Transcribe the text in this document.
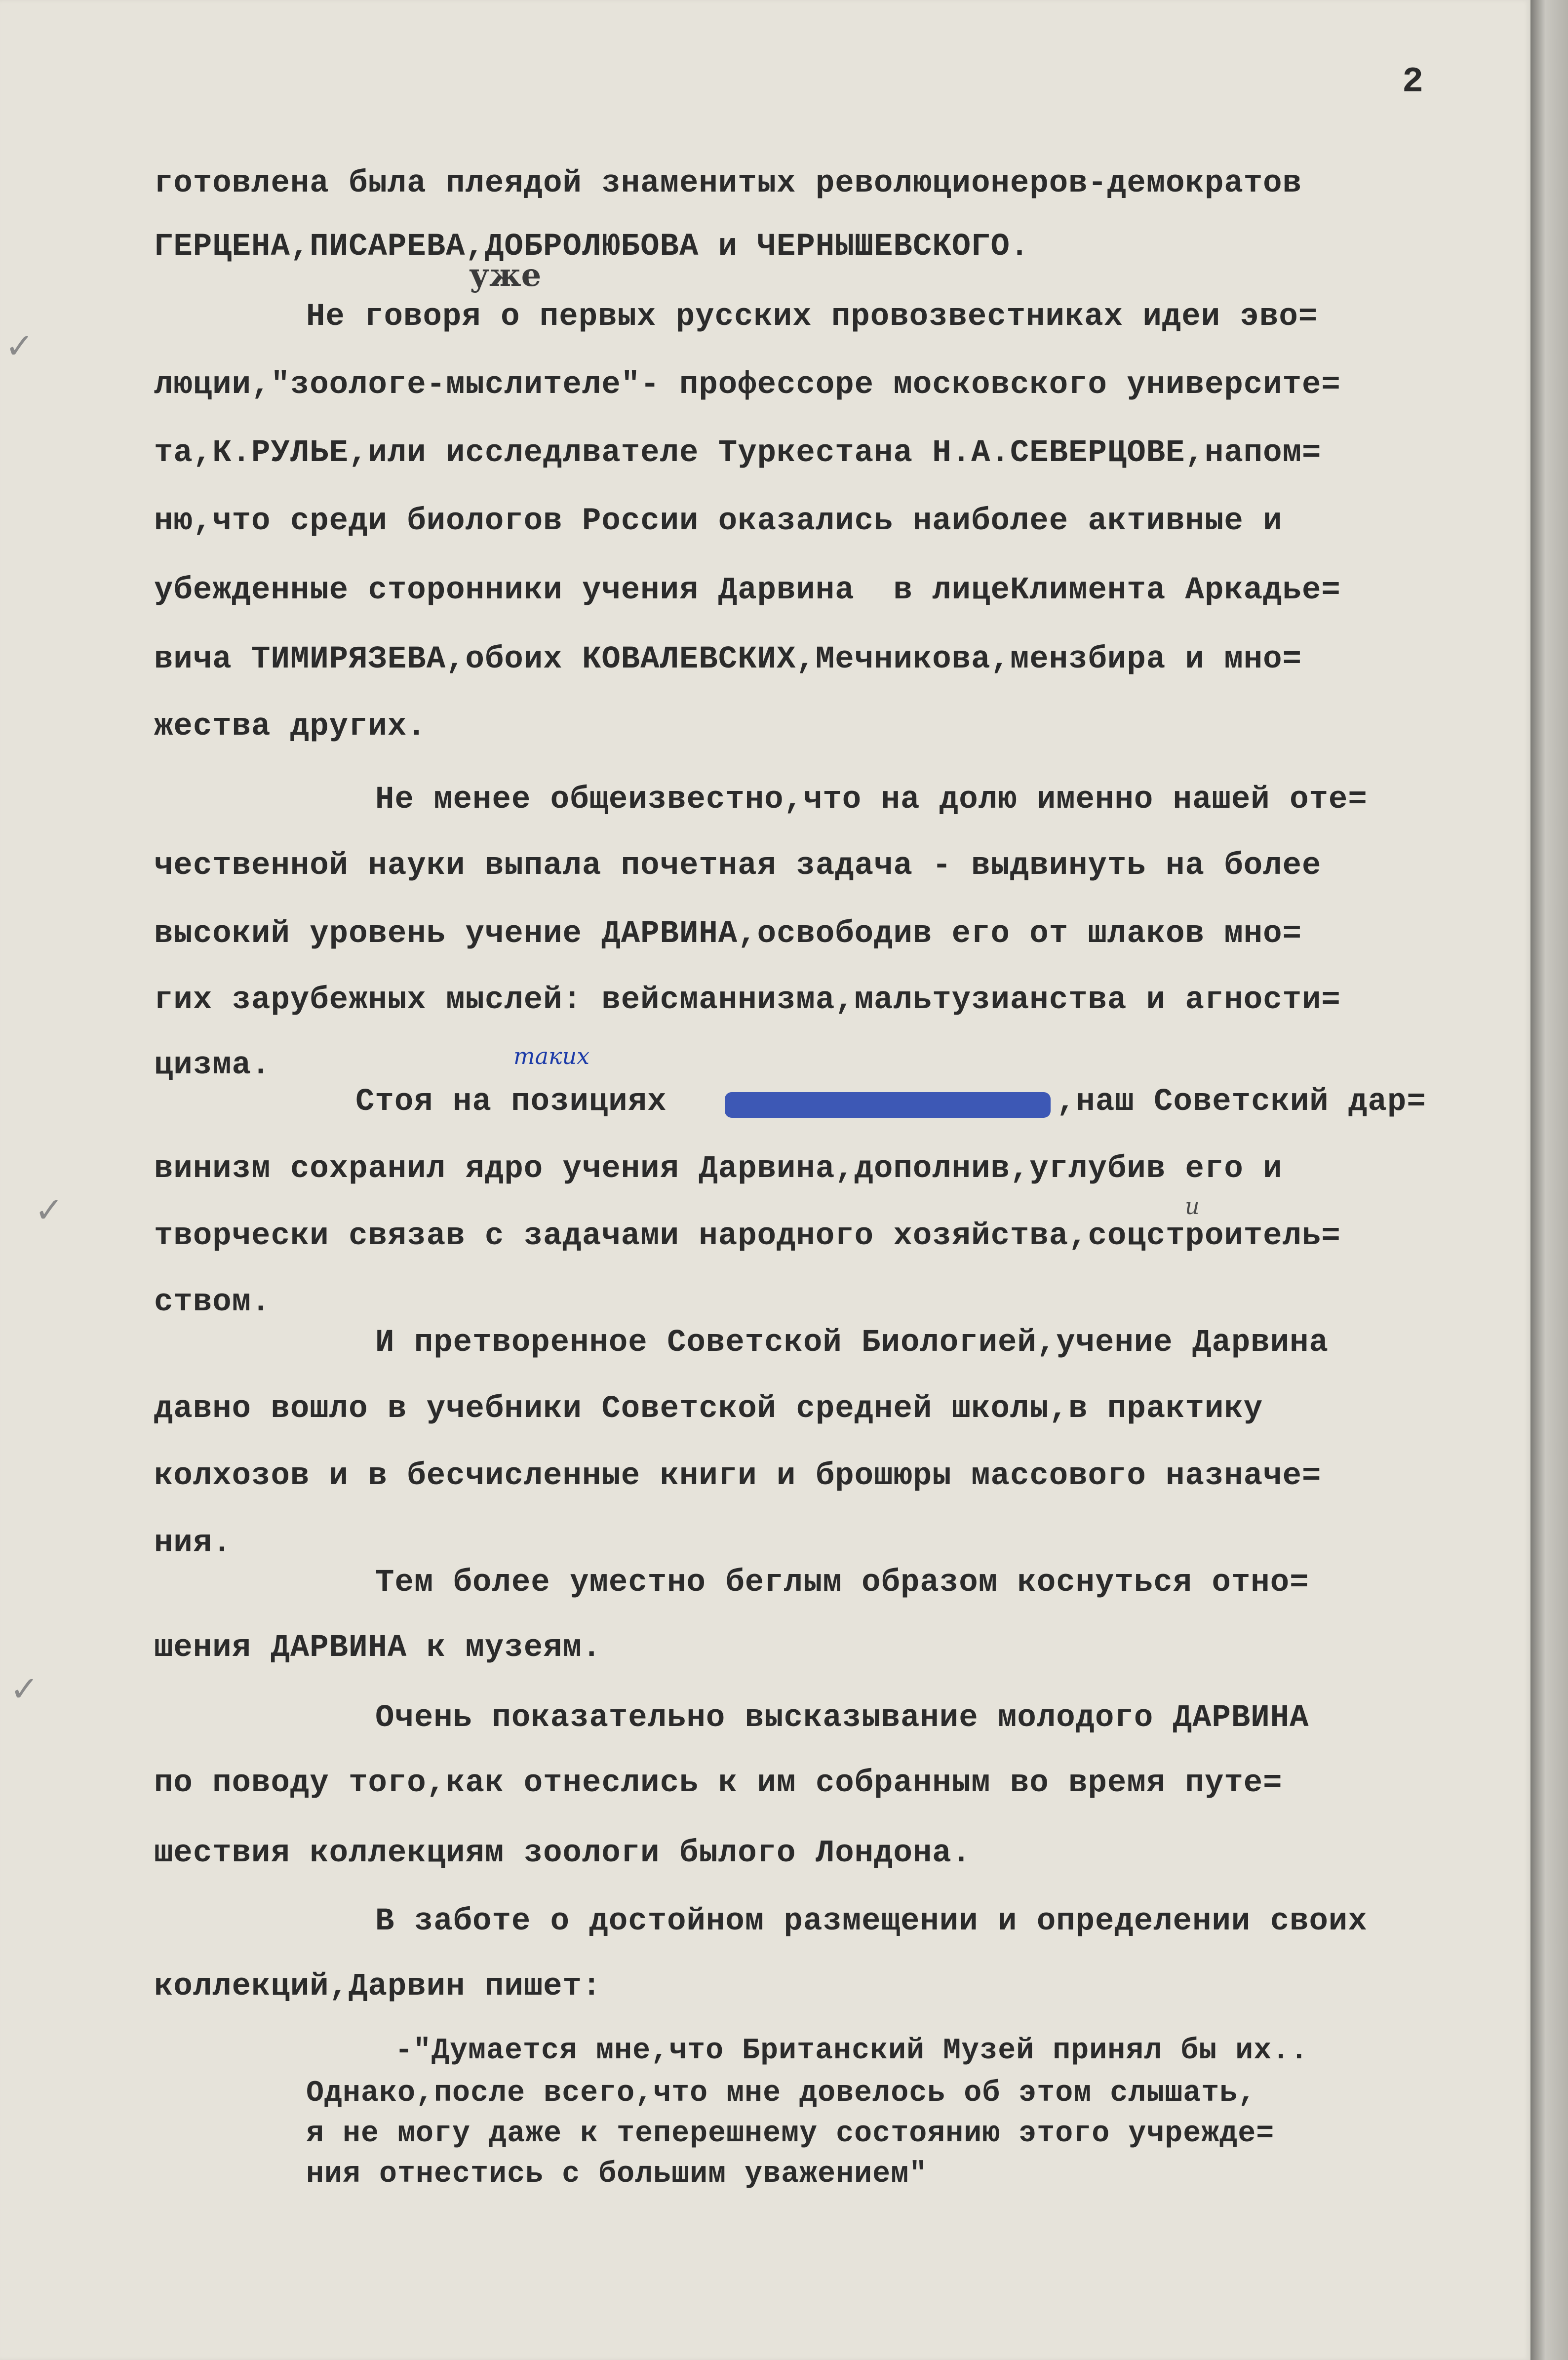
2
готовлена была плеядой знаменитых революционеров-демократов
ГЕРЦЕНА,ПИСАРЕВА,ДОБРОЛЮБОВА и ЧЕРНЫШЕВСКОГО.
уже
Не говоря о первых русских провозвестниках идеи эво=
люции,"зоологе-мыслителе"- профессоре московского университе=
та,К.РУЛЬЕ,или исследлвателе Туркестана Н.А.СЕВЕРЦОВЕ,напом=
ню,что среди биологов России оказались наиболее активные и
убежденные сторонники учения Дарвина  в лицеКлимента Аркадье=
вича ТИМИРЯЗЕВА,обоих КОВАЛЕВСКИХ,Мечникова,мензбира и мно=
жества других.
Не менее общеизвестно,что на долю именно нашей оте=
чественной науки выпала почетная задача - выдвинуть на более
высокий уровень учение ДАРВИНА,освободив его от шлаков мно=
гих зарубежных мыслей: вейсманнизма,мальтузианства и агности=
цизма.	таких
Стоя на позициях	,наш Советский дар=
винизм сохранил ядро учения Дарвина,дополнив,углубив его и
и
творчески связав с задачами народного хозяйства,соцстроитель=
ством.
И претворенное Советской Биологией,учение Дарвина
давно вошло в учебники Советской средней школы,в практику
колхозов и в бесчисленные книги и брошюры массового назначе=
ния.
Тем более уместно беглым образом коснуться отно=
шения ДАРВИНА к музеям.
Очень показательно высказывание молодого ДАРВИНА
по поводу того,как отнеслись к им собранным во время путе=
шествия коллекциям зоологи былого Лондона.
В заботе о достойном размещении и определении своих
коллекций,Дарвин пишет:
-"Думается мне,что Британский Музей принял бы их..
Однако,после всего,что мне довелось об этом слышать,
я не могу даже к теперешнему состоянию этого учрежде=
ния отнестись с большим уважением"
✓
✓
✓
